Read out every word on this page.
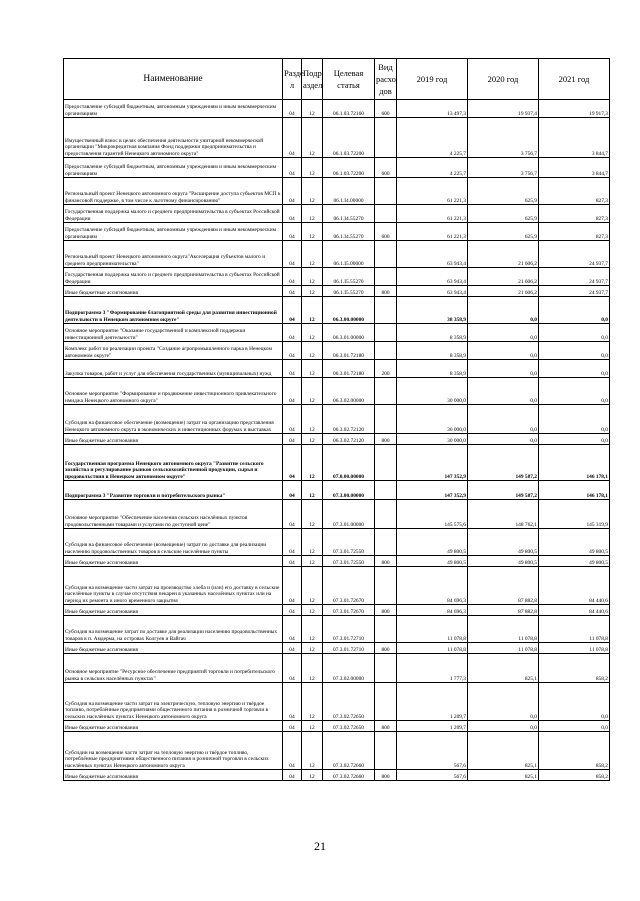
Наименование	Разде л	Подр аздел	Целевая статья	Вид расхо дов	2019 год	2020 год	2021 год
Предоставление субсидий бюджетным, автономным учреждениям и иным некоммерческим организациям	04	12	06.1.03.72160	600	13 497,3	19 937,4	19 917,3
Имущественный взнос в целях обеспечения деятельности унитарной некоммерческой организации "Микрокредитная компания Фонд поддержки предпринимательства и предоставления гарантий Ненецкого автономного округа"	04	12	06.1.03.72200		4 225,7	3 756,7	3 844,7
Предоставление субсидий бюджетным, автономным учреждениям и иным некоммерческим организациям	04	12	06.1.03.72200	600	4 225,7	3 756,7	3 844,7
Региональный проект Ненецкого автономного округа "Расширение доступа субъектов МСП к финансовой поддержке, в том числе к льготному финансированию"	04	12	06.1.I4.00000		61 221,3	625,9	827,3
Государственная поддержка малого и среднего предпринимательства в субъектах Российской Федерации	04	12	06.1.I4.55270		61 221,3	625,9	827,3
Предоставление субсидий бюджетным, автономным учреждениям и иным некоммерческим организациям	04	12	06.1.I4.55270	600	61 221,3	625,9	827,3
Региональный проект Ненецкого автономного округа"Акселерация субъектов малого и среднего предпринимательства"	04	12	06.1.I5.00000		63 943,4	21 606,2	24 937,7
Государственная поддержка малого и среднего предпринимательства в субъектах Российской Федерации	04	12	06.1.I5.55270		63 943,4	21 606,2	24 937,7
Иные бюджетные ассигнования	04	12	06.1.I5.55270	800	63 943,4	21 606,2	24 937,7
Подпрограмма 3 "Формирование благоприятной среды для развития инвестиционной деятельности в Ненецком автономном округе"	04	12	06.3.00.00000		38 358,9	0,0	0,0
Основное мероприятие "Оказание государственной и комплексной поддержки инвестиционной деятельности"	04	12	06.3.01.00000		8 358,9	0,0	0,0
Комплекс работ по реализации проекта "Создание агропромышленного парка в Ненецком автономном округе"	04	12	06.3.01.72180		8 358,9	0,0	0,0
Закупка товаров, работ и услуг для обеспечения государственных (муниципальных) нужд	04	12	06.3.01.72180	200	8 358,9	0,0	0,0
Основное мероприятие "Формирование и продвижение инвестиционного привлекательного имиджа Ненецкого автономного округа"	04	12	06.3.02.00000		30 000,0	0,0	0,0
Субсидия на финансовое обеспечение (возмещение) затрат на организацию представления Ненецкого автономного округа в экономических и инвестиционных форумах и выставках	04	12	06.3.02.72120		30 000,0	0,0	0,0
Иные бюджетные ассигнования	04	12	06.3.02.72120	800	30 000,0	0,0	0,0
Государственная программа Ненецкого автономного округа "Развитие сельского хозяйства и регулирование рынков сельскохозяйственной продукции, сырья и продовольствия в Ненецком автономном округе"	04	12	07.0.00.00000		147 352,9	149 587,2	146 178,1
Подпрограмма 3 "Развитие торговли и потребительского рынка"	04	12	07.3.00.00000		147 352,9	149 587,2	146 178,1
Основное мероприятие "Обеспечение населения сельских населённых пунктов продовольственными товарами и услугами по доступной цене"	04	12	07.3.01.00000		145 575,6	148 762,1	145 319,9
Субсидия на финансовое обеспечение (возмещение) затрат по доставке для реализации населению продовольственных товаров в сельские населённые пункты	04	12	07.3.01.72550		49 800,5	49 800,5	49 800,5
Иные бюджетные ассигнования	04	12	07.3.01.72550	800	49 800,5	49 800,5	49 800,5
Субсидия на возмещение части затрат на производство хлеба и (или) его доставку в сельские населённые пункты в случае отсутствия пекарен в указанных населённых пунктах или на период их ремонта и иного временного закрытия	04	12	07.3.01.72670		84 696,3	87 882,8	84 440,6
Иные бюджетные ассигнования	04	12	07.3.01.72670	800	84 696,3	87 882,8	84 440,6
Субсидия на возмещение затрат по доставке для реализации населению продовольственных товаров в п. Амдерма, на островах Колгуев и Вайгач	04	12	07.3.01.72710		11 078,8	11 078,8	11 078,8
Иные бюджетные ассигнования	04	12	07.3.01.72710	800	11 078,8	11 078,8	11 078,8
Основное мероприятие "Ресурсное обеспечение предприятий торговли и потребительского рынка в сельских населённых пунктах"	04	12	07.3.02.00000		1 777,3	825,1	858,2
Субсидия на возмещение части затрат на электрическую, тепловую энергию и твёрдое топливо, потреблённые предприятиями общественного питания и розничной торговли в сельских населённых пунктах Ненецкого автономного округа	04	12	07.3.02.72650		1 209,7	0,0	0,0
Иные бюджетные ассигнования	04	12	07.3.02.72650	800	1 209,7	0,0	0,0
Субсидии на возмещение части затрат на тепловую энергию и твёрдое топливо, потреблённые предприятиями общественного питания и розничной торговли в сельских населённых пунктах Ненецкого автономного округа	04	12	07.3.02.72660		567,6	825,1	858,2
Иные бюджетные ассигнования	04	12	07.3.02.72660	800	567,6	825,1	858,2
21
